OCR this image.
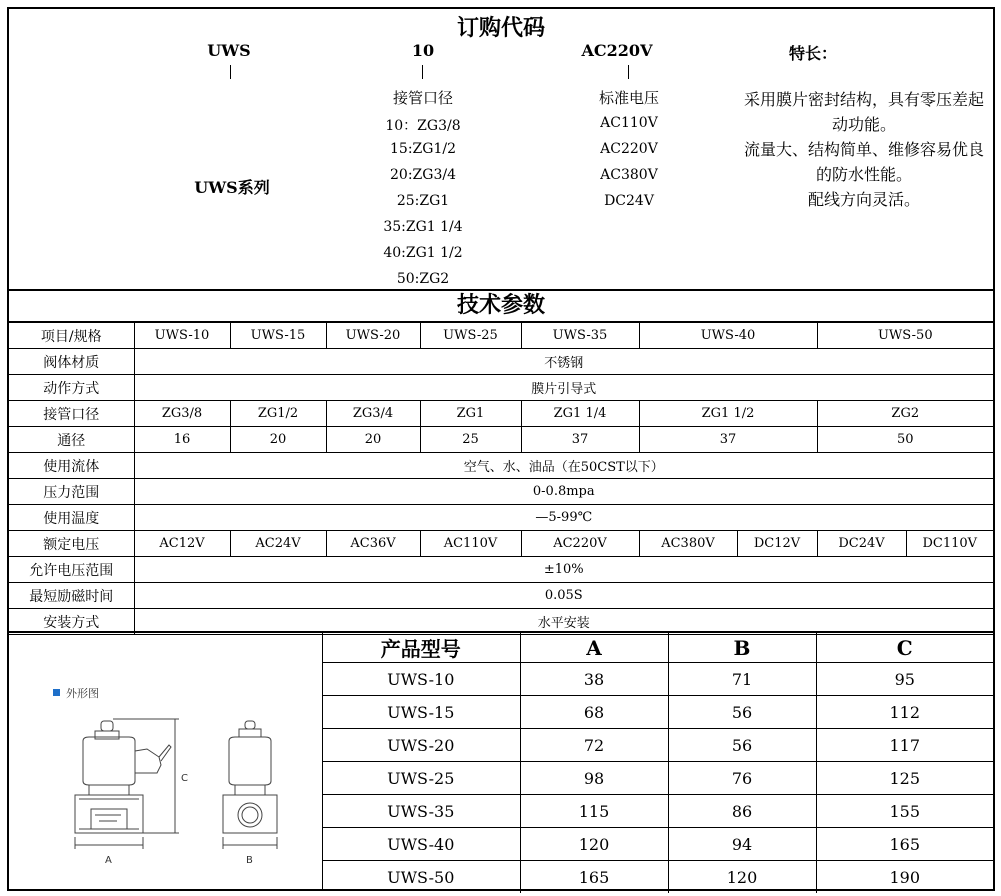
订购代码
UWS	10	AC220V	特长：
UWS系列
接管口径
10：ZG3/8
15:ZG1/2
20:ZG3/4
25:ZG1
35:ZG1 1/4
40:ZG1 1/2
50:ZG2
标准电压
AC110V
AC220V
AC380V
DC24V
采用膜片密封结构，具有零压差起动功能。
流量大、结构简单、维修容易优良的防水性能。
配线方向灵活。
技术参数
项目/规格	UWS-10	UWS-15	UWS-20	UWS-25	UWS-35	UWS-40		UWS-50	
阀体材质	不锈钢								
动作方式	膜片引导式								
接管口径	ZG3/8	ZG1/2	ZG3/4	ZG1	ZG1 1/4	ZG1 1/2		ZG2	
通径	16	20	20	25	37	37		50	
使用流体	空气、水、油品（在50CST以下）								
压力范围	0-0.8mpa								
使用温度	—5-99℃								
额定电压	AC12V	AC24V	AC36V	AC110V	AC220V	AC380V	DC12V	DC24V	DC110V
允许电压范围	±10%								
最短励磁时间	0.05S								
安装方式	水平安装								
外形图
A	B
C
产品型号	A	B	C
UWS-10	38	71	95
UWS-15	68	56	112
UWS-20	72	56	117
UWS-25	98	76	125
UWS-35	115	86	155
UWS-40	120	94	165
UWS-50	165	120	190
